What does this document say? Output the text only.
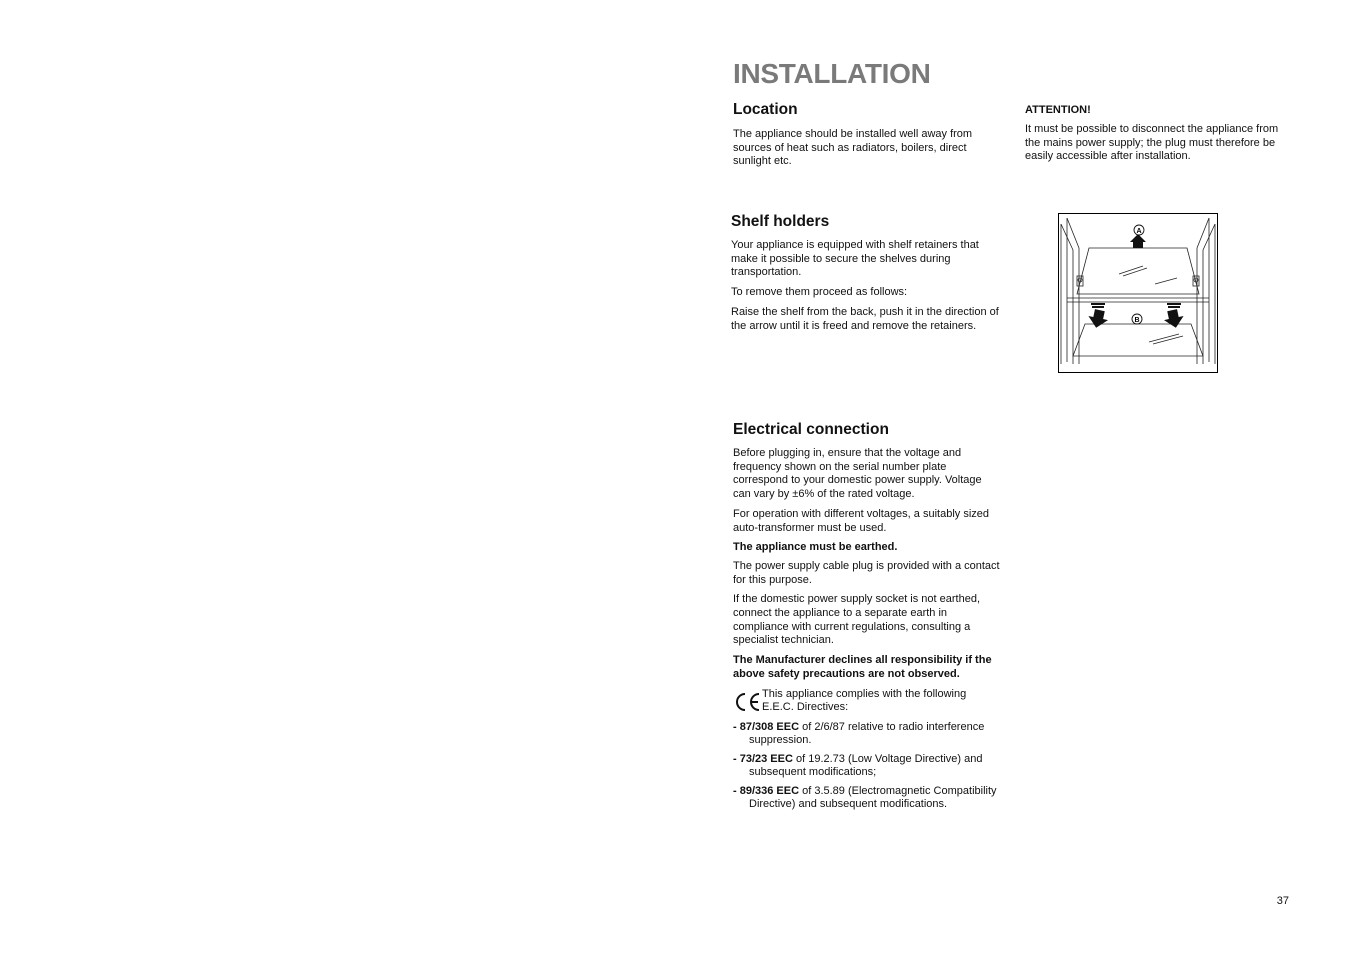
INSTALLATION
Location

The appliance should be installed well away from sources of heat such as radiators, boilers, direct sunlight etc.

ATTENTION!

It must be possible to disconnect the appliance from the mains power supply; the plug must therefore be easily accessible after installation.

Shelf holders

Your appliance is equipped with shelf retainers that make it possible to secure the shelves during transportation.

To remove them proceed as follows:

Raise the shelf from the back, push it in the direction of the arrow until it is freed and remove the retainers.

A
B
Electrical connection

Before plugging in, ensure that the voltage and frequency shown on the serial number plate correspond to your domestic power supply. Voltage can vary by ±6% of the rated voltage.

For operation with different voltages, a suitably sized auto-transformer must be used.

The appliance must be earthed.

The power supply cable plug is provided with a contact for this purpose.

If the domestic power supply socket is not earthed, connect the appliance to a separate earth in compliance with current regulations, consulting a specialist technician.

The Manufacturer declines all responsibility if the above safety precautions are not observed.

This appliance complies with the following E.E.C. Directives:

- 87/308 EEC of 2/6/87 relative to radio interference suppression.

- 73/23 EEC of 19.2.73 (Low Voltage Directive) and subsequent modifications;

- 89/336 EEC of 3.5.89 (Electromagnetic Compatibility Directive) and subsequent modifications.

37
